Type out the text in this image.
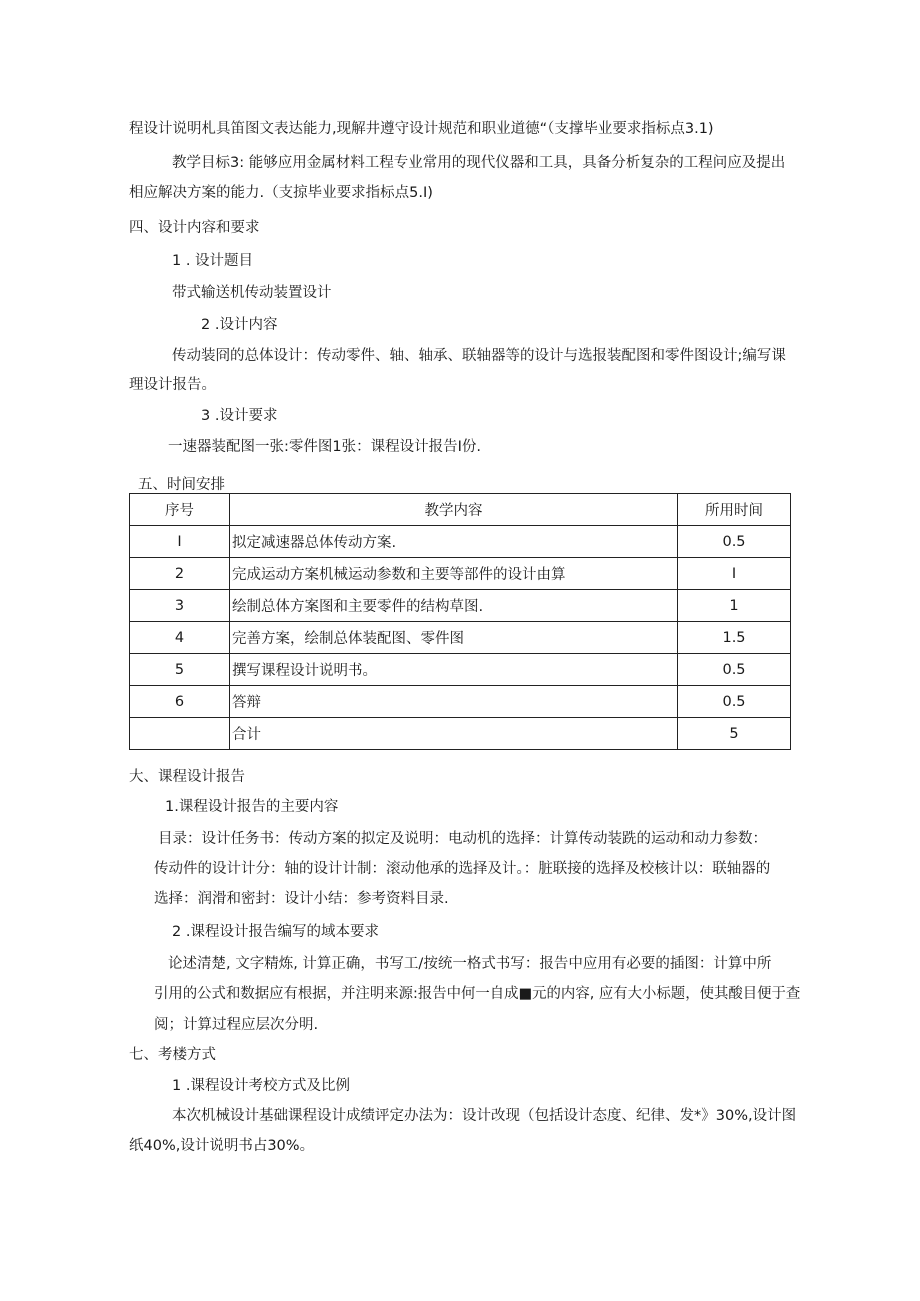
程设计说明札具笛图文表达能力,现解井遵守设计规范和职业道德“（支撑毕业要求指标点3.1)
教学目标3: 能够应用金属材料工程专业常用的现代仪器和工具，具备分析复杂的工程问应及提出
相应解决方案的能力.（支掠毕业要求指标点5.I)
四、设计内容和要求
1 . 设计题目
带式输送机传动装置设计
2 .设计内容
传动装冏的总体设计：传动零件、轴、轴承、联轴器等的设计与选报装配图和零件图设计;编写课
理设计报告。
3 .设计要求
一速器装配图一张:零件图1张：课程设计报告I份.
五、时间安排
序号	教学内容	所用时间
I	拟定减速器总体传动方案.	0.5
2	完成运动方案机械运动参数和主要等部件的设计由算	I
3	绘制总体方案图和主要零件的结构草图.	1
4	完善方案，绘制总体装配图、零件图	1.5
5	撰写课程设计说明书。	0.5
6	答辩	0.5
	合计	5
大、课程设计报告
1.课程设计报告的主要内容
目录：设计任务书：传动方案的拟定及说明：电动机的选择：计算传动装跣的运动和动力参数：
传动件的设计计分：轴的设计计制：滚动他承的选择及计。：脏联接的选择及校核计以：联轴器的
选择：润滑和密封：设计小结：参考资料目录.
2 .课程设计报告编写的域本要求
论述清楚, 文字精炼, 计算正确，书写工/按统一格式书写：报告中应用有必要的插图：计算中所
引用的公式和数据应有根据，并注明来源:报告中何一自成■元的内容, 应有大小标题，使其酸目便于查
阅；计算过程应层次分明.
七、考楼方式
1 .课程设计考校方式及比例
本次机械设计基础课程设计成绩评定办法为：设计改现（包括设计态度、纪律、发*》30%,设计图
纸40%,设计说明书占30%。
